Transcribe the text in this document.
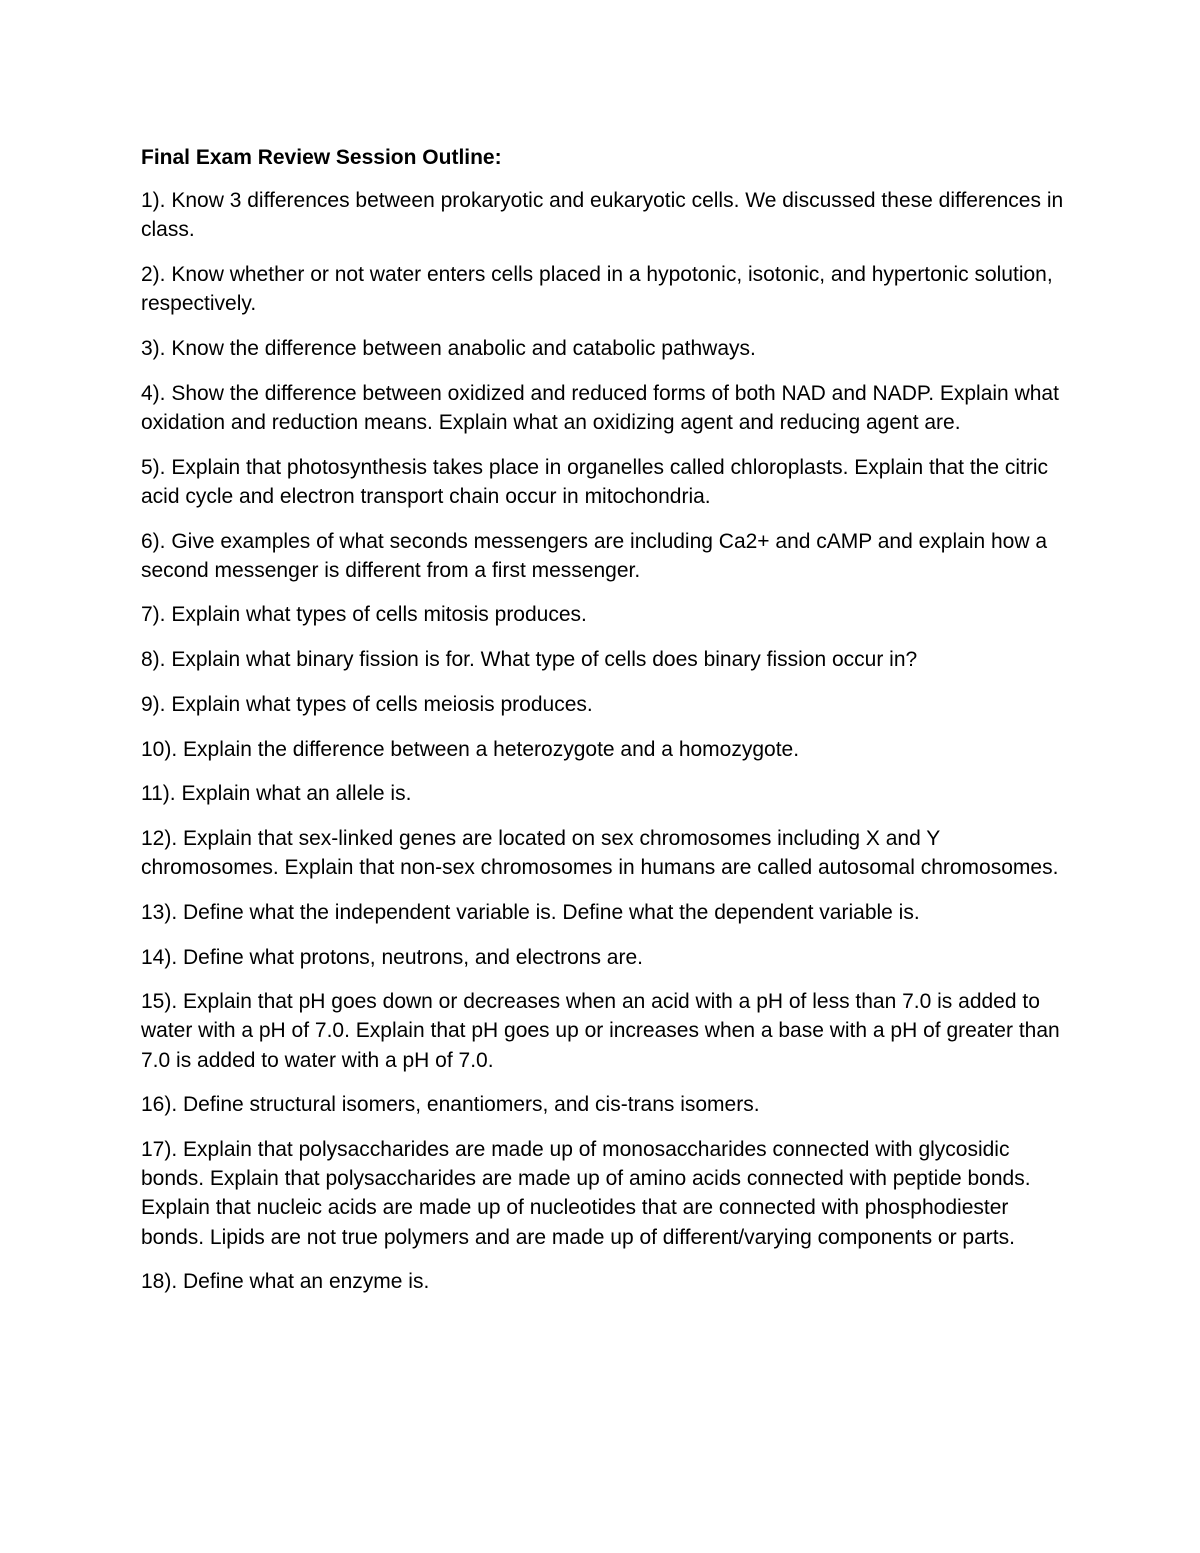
Final Exam Review Session Outline:

1). Know 3 differences between prokaryotic and eukaryotic cells. We discussed these differences in class.

2). Know whether or not water enters cells placed in a hypotonic, isotonic, and hypertonic solution, respectively.

3). Know the difference between anabolic and catabolic pathways.

4). Show the difference between oxidized and reduced forms of both NAD and NADP. Explain what oxidation and reduction means. Explain what an oxidizing agent and reducing agent are.

5). Explain that photosynthesis takes place in organelles called chloroplasts. Explain that the citric acid cycle and electron transport chain occur in mitochondria.

6). Give examples of what seconds messengers are including Ca2+ and cAMP and explain how a second messenger is different from a first messenger.

7). Explain what types of cells mitosis produces.

8). Explain what binary fission is for. What type of cells does binary fission occur in?

9). Explain what types of cells meiosis produces.

10). Explain the difference between a heterozygote and a homozygote.

11). Explain what an allele is.

12). Explain that sex-linked genes are located on sex chromosomes including X and Y chromosomes. Explain that non-sex chromosomes in humans are called autosomal chromosomes.

13). Define what the independent variable is. Define what the dependent variable is.

14). Define what protons, neutrons, and electrons are.

15). Explain that pH goes down or decreases when an acid with a pH of less than 7.0 is added to water with a pH of 7.0. Explain that pH goes up or increases when a base with a pH of greater than 7.0 is added to water with a pH of 7.0.

16). Define structural isomers, enantiomers, and cis-trans isomers.

17). Explain that polysaccharides are made up of monosaccharides connected with glycosidic bonds. Explain that polysaccharides are made up of amino acids connected with peptide bonds. Explain that nucleic acids are made up of nucleotides that are connected with phosphodiester bonds. Lipids are not true polymers and are made up of different/varying components or parts.

18). Define what an enzyme is.
